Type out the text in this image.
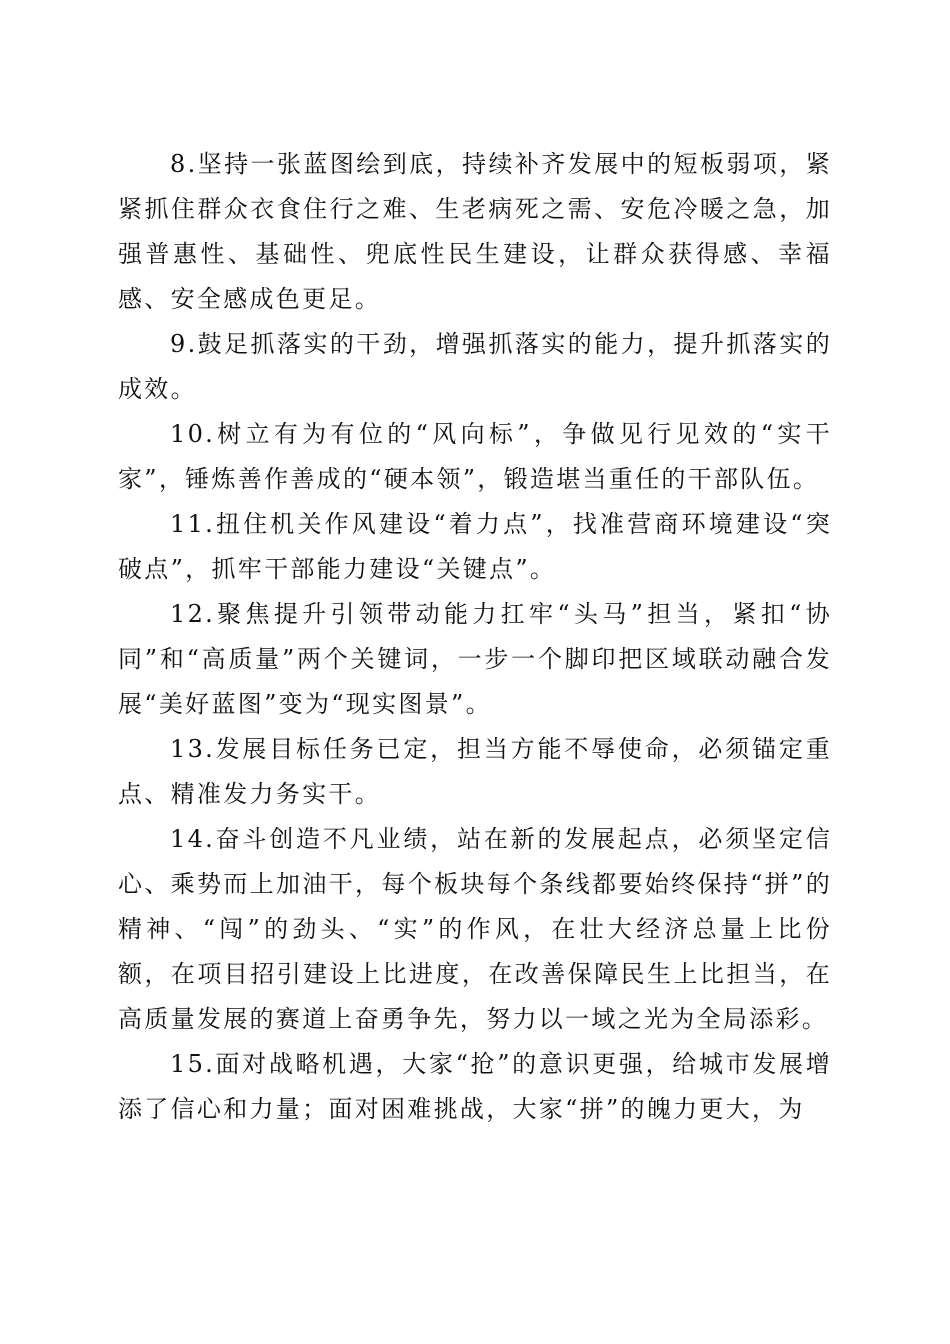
8.坚持一张蓝图绘到底，持续补齐发展中的短板弱项，紧紧抓住群众衣食住行之难、生老病死之需、安危冷暖之急，加强普惠性、基础性、兜底性民生建设，让群众获得感、幸福感、安全感成色更足。

9.鼓足抓落实的干劲，增强抓落实的能力，提升抓落实的成效。

10.树立有为有位的“风向标”，争做见行见效的“实干家”，锤炼善作善成的“硬本领”，锻造堪当重任的干部队伍。

11.扭住机关作风建设“着力点”，找准营商环境建设“突破点”，抓牢干部能力建设“关键点”。

12.聚焦提升引领带动能力扛牢“头马”担当，紧扣“协同”和“高质量”两个关键词，一步一个脚印把区域联动融合发展“美好蓝图”变为“现实图景”。

13.发展目标任务已定，担当方能不辱使命，必须锚定重点、精准发力务实干。

14.奋斗创造不凡业绩，站在新的发展起点，必须坚定信心、乘势而上加油干，每个板块每个条线都要始终保持“拼”的精神、“闯”的劲头、“实”的作风，在壮大经济总量上比份额，在项目招引建设上比进度，在改善保障民生上比担当，在高质量发展的赛道上奋勇争先，努力以一域之光为全局添彩。

15.面对战略机遇，大家“抢”的意识更强，给城市发展增添了信心和力量；面对困难挑战，大家“拼”的魄力更大，为
